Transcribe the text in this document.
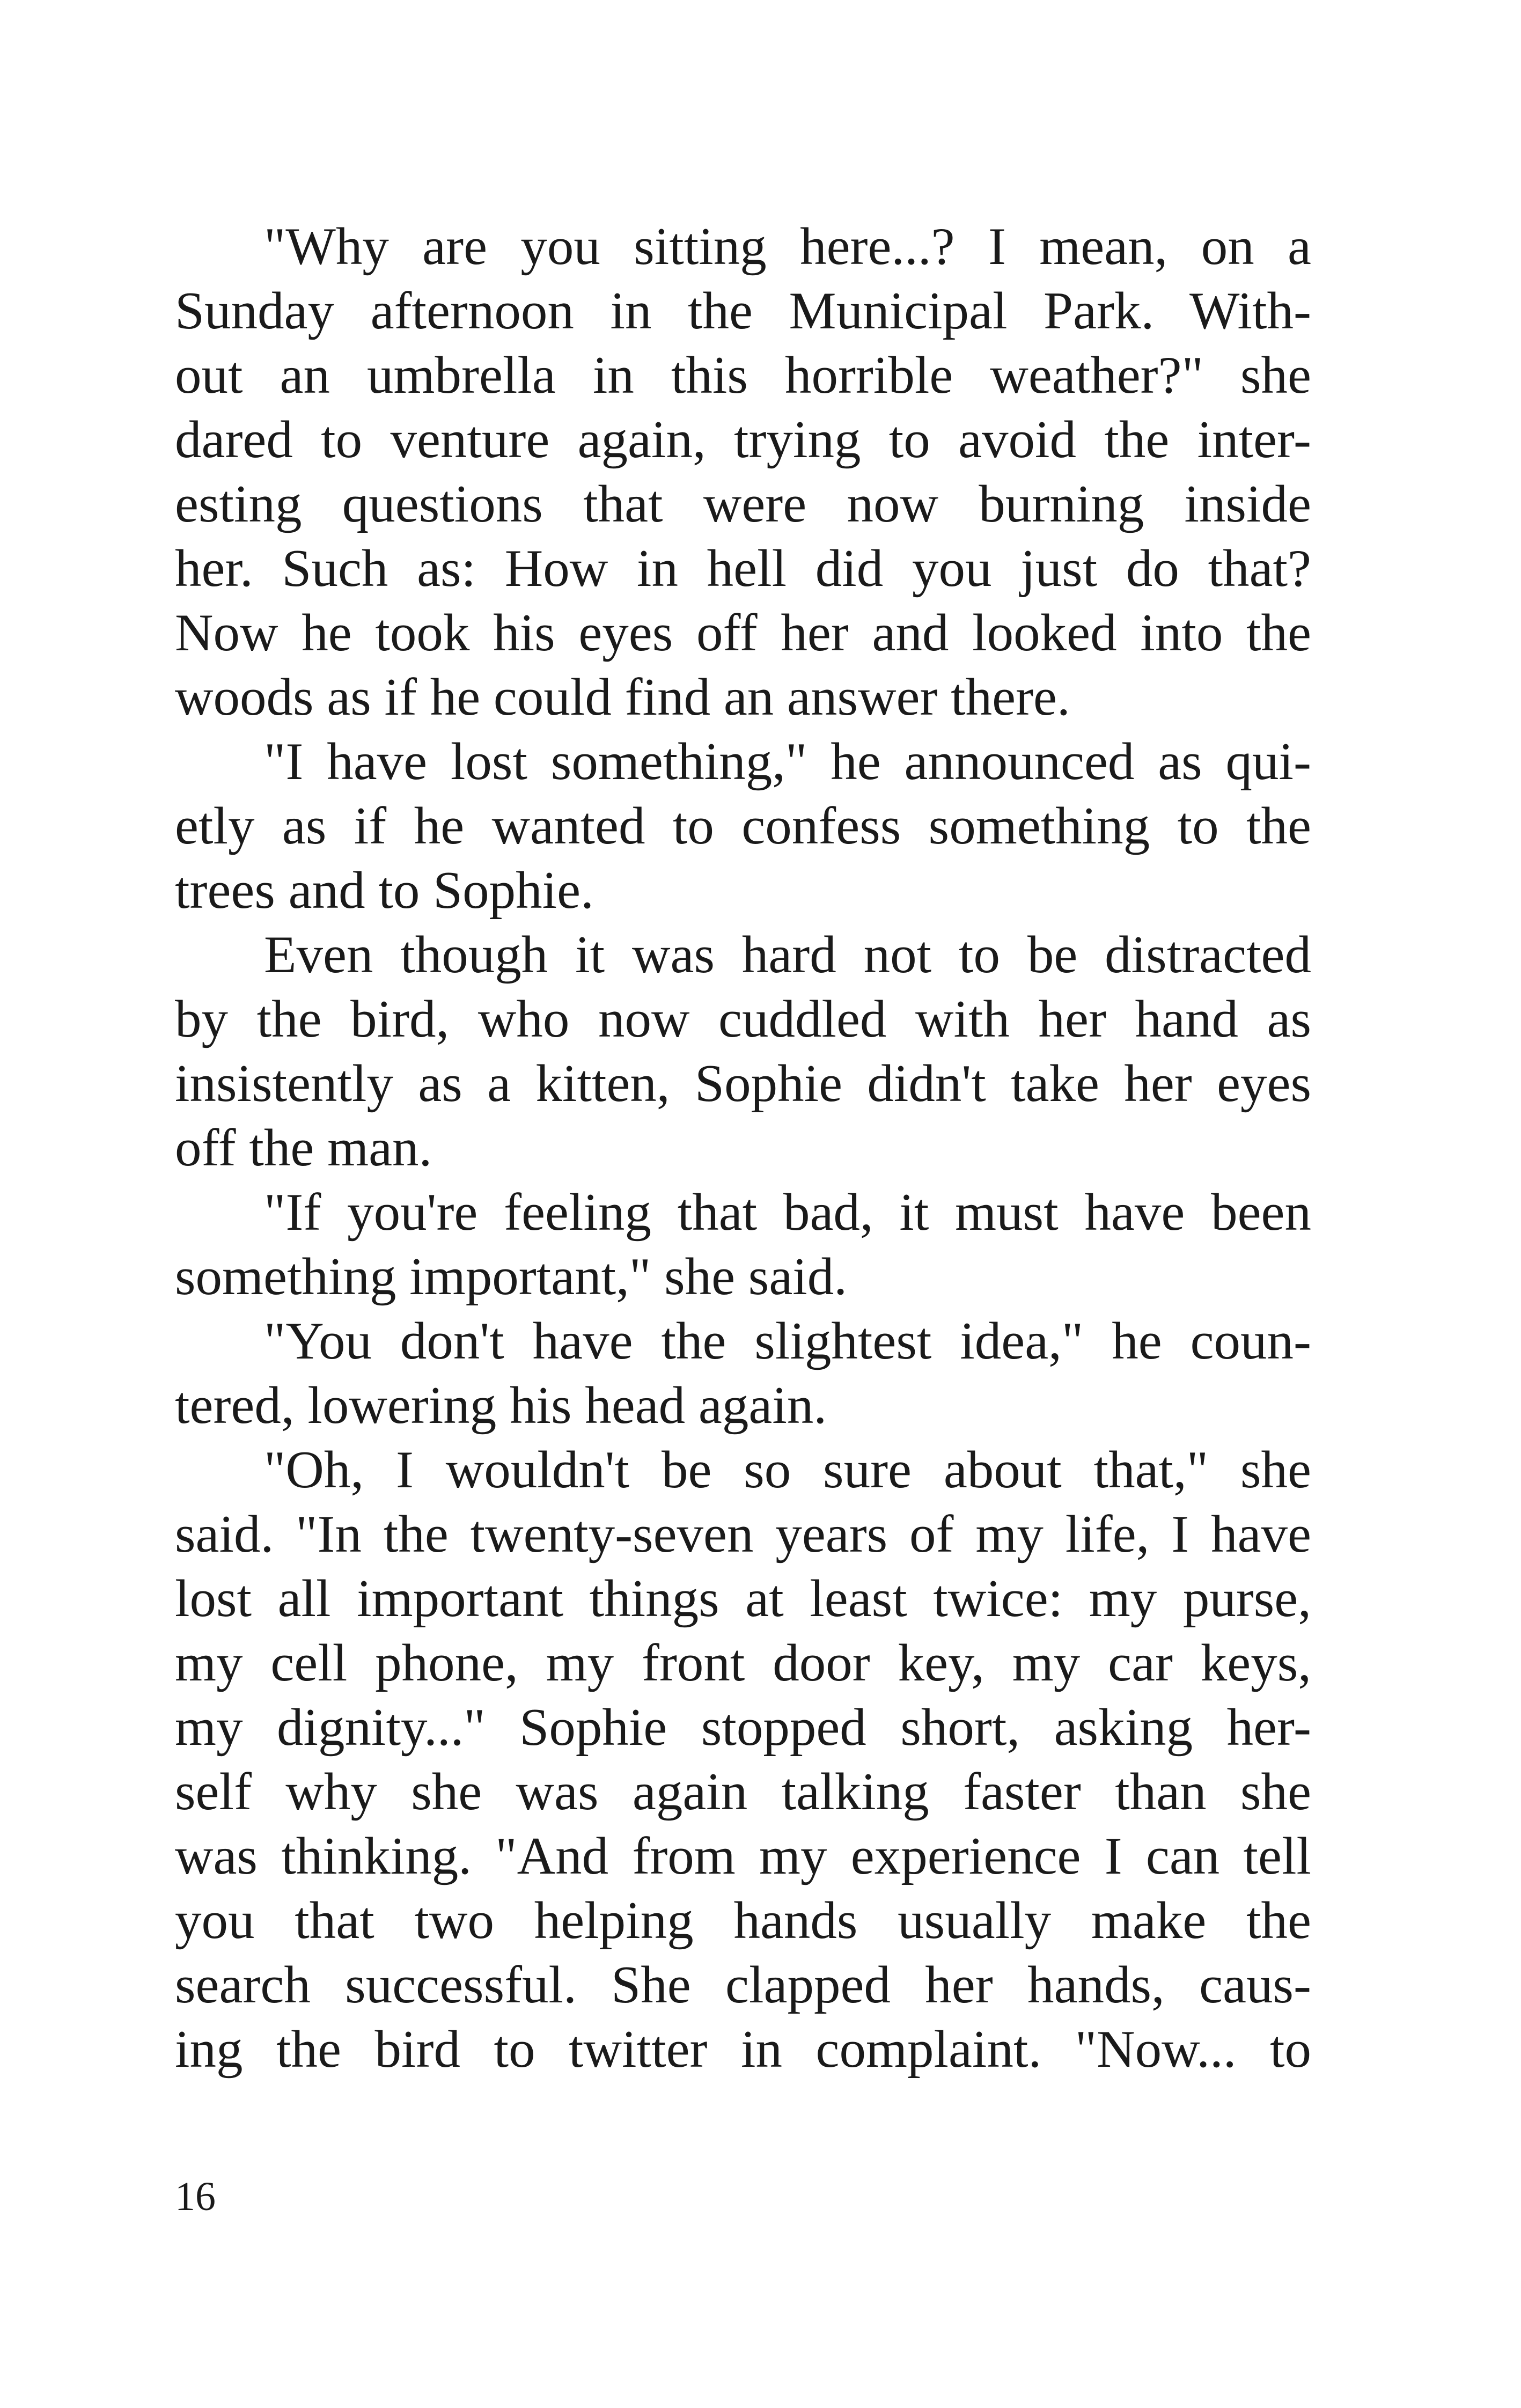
"Why are you sitting here...? I mean, on a
Sunday afternoon in the Municipal Park. With-
out an umbrella in this horrible weather?" she
dared to venture again, trying to avoid the inter-
esting questions that were now burning inside
her. Such as: How in hell did you just do that?
Now he took his eyes off her and looked into the
woods as if he could find an answer there.
"I have lost something," he announced as qui-
etly as if he wanted to confess something to the
trees and to Sophie.
Even though it was hard not to be distracted
by the bird, who now cuddled with her hand as
insistently as a kitten, Sophie didn't take her eyes
off the man.
"If you're feeling that bad, it must have been
something important," she said.
"You don't have the slightest idea," he coun-
tered, lowering his head again.
"Oh, I wouldn't be so sure about that," she
said. "In the twenty-seven years of my life, I have
lost all important things at least twice: my purse,
my cell phone, my front door key, my car keys,
my dignity..." Sophie stopped short, asking her-
self why she was again talking faster than she
was thinking. "And from my experience I can tell
you that two helping hands usually make the
search successful. She clapped her hands, caus-
ing the bird to twitter in complaint. "Now... to
16
